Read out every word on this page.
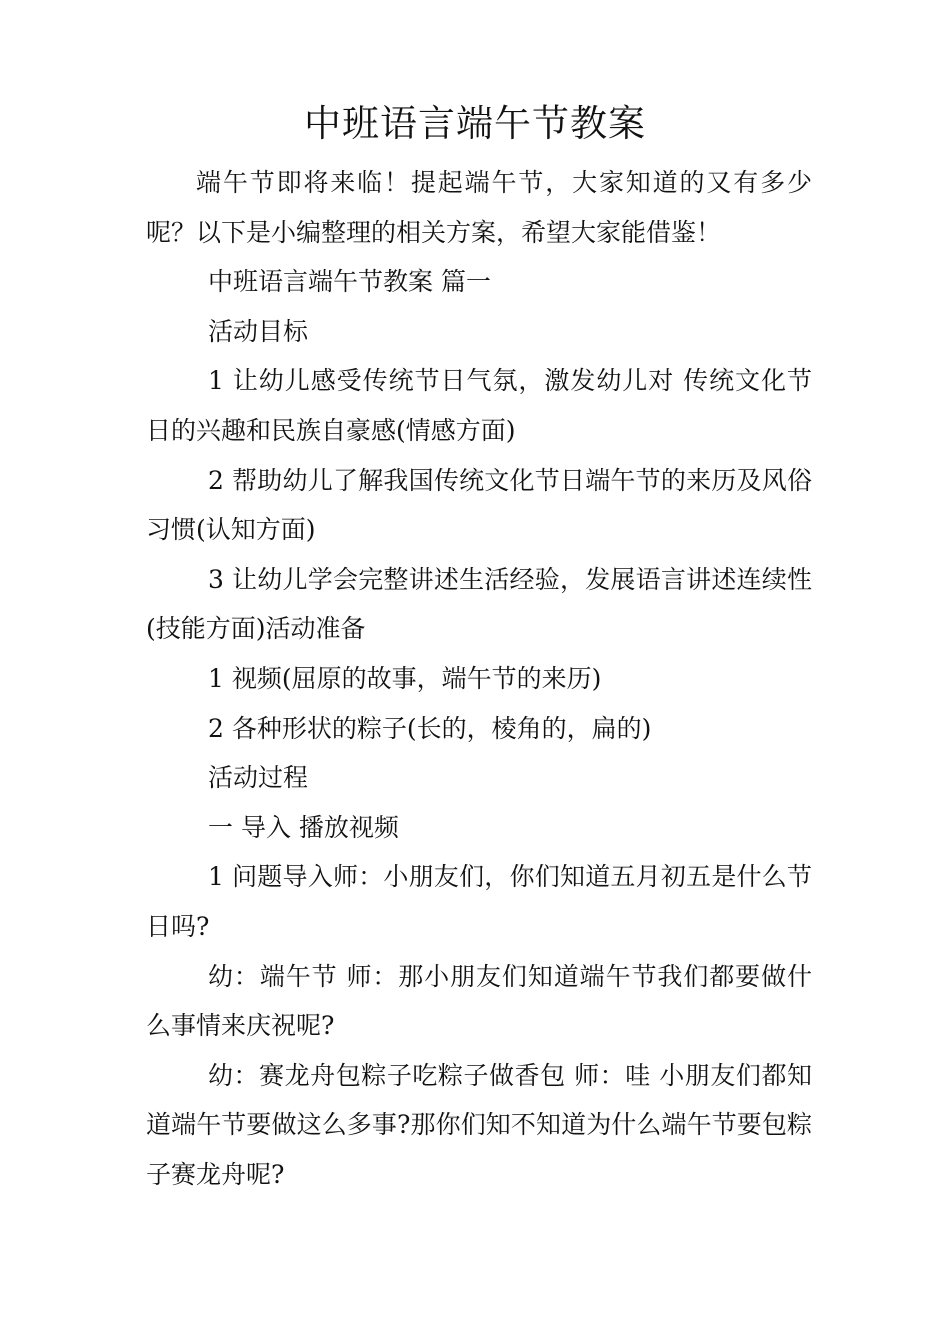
中班语言端午节教案

端午节即将来临！提起端午节，大家知道的又有多少呢？以下是小编整理的相关方案，希望大家能借鉴！

中班语言端午节教案 篇一

活动目标

1 让幼儿感受传统节日气氛，激发幼儿对 传统文化节日的兴趣和民族自豪感(情感方面)

2 帮助幼儿了解我国传统文化节日端午节的来历及风俗习惯(认知方面)

3 让幼儿学会完整讲述生活经验，发展语言讲述连续性(技能方面)活动准备

1 视频(屈原的故事，端午节的来历)

2 各种形状的粽子(长的，棱角的，扁的)

活动过程

一 导入 播放视频

1 问题导入师：小朋友们，你们知道五月初五是什么节日吗?

幼：端午节 师：那小朋友们知道端午节我们都要做什么事情来庆祝呢?

幼：赛龙舟包粽子吃粽子做香包 师：哇 小朋友们都知道端午节要做这么多事?那你们知不知道为什么端午节要包粽子赛龙舟呢?
